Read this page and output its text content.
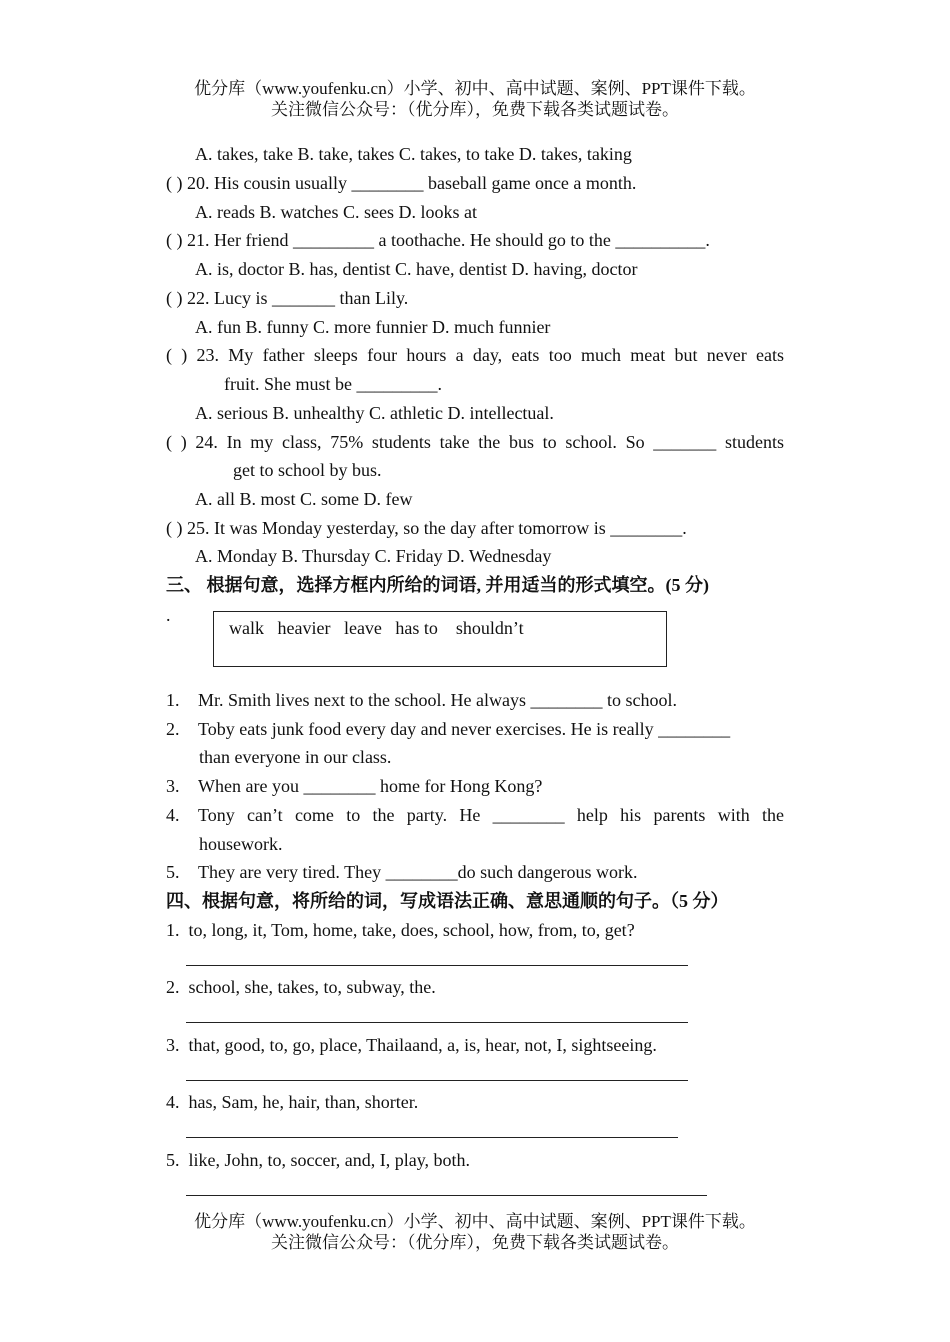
优分库（www.youfenku.cn）小学、初中、高中试题、案例、PPT课件下载。
关注微信公众号：（优分库），免费下载各类试题试卷。
A. takes, take B. take, takes C. takes, to take D. takes, taking
( ) 20. His cousin usually ________ baseball game once a month.
A. reads B. watches C. sees D. looks at
( ) 21. Her friend _________ a toothache. He should go to the __________.
A. is, doctor B. has, dentist C. have, dentist D. having, doctor
( ) 22. Lucy is _______ than Lily.
A. fun B. funny C. more funnier D. much funnier
( ) 23. My father sleeps four hours a day, eats too much meat but never eats
fruit. She must be _________.
A. serious B. unhealthy C. athletic D. intellectual.
( ) 24. In my class, 75% students take the bus to school. So _______ students
get to school by bus.
A. all B. most C. some D. few
( ) 25. It was Monday yesterday, so the day after tomorrow is ________.
A. Monday B. Thursday C. Friday D. Wednesday
三、 根据句意，选择方框内所给的词语, 并用适当的形式填空。(5 分)
.
walk   heavier   leave   has to    shouldn’t
1. Mr. Smith lives next to the school. He always ________ to school.
2. Toby eats junk food every day and never exercises. He is really ________
than everyone in our class.
3. When are you ________ home for Hong Kong?
4.	Tony can’t come to the party. He ________ help his parents with the
housework.
5. They are very tired. They ________do such dangerous work.
四、根据句意，将所给的词，写成语法正确、意思通顺的句子。（5 分）
1. to, long, it, Tom, home, take, does, school, how, from, to, get?
2. school, she, takes, to, subway, the.
3. that, good, to, go, place, Thailaand, a, is, hear, not, I, sightseeing.
4. has, Sam, he, hair, than, shorter.
5. like, John, to, soccer, and, I, play, both.
优分库（www.youfenku.cn）小学、初中、高中试题、案例、PPT课件下载。
关注微信公众号：（优分库），免费下载各类试题试卷。
